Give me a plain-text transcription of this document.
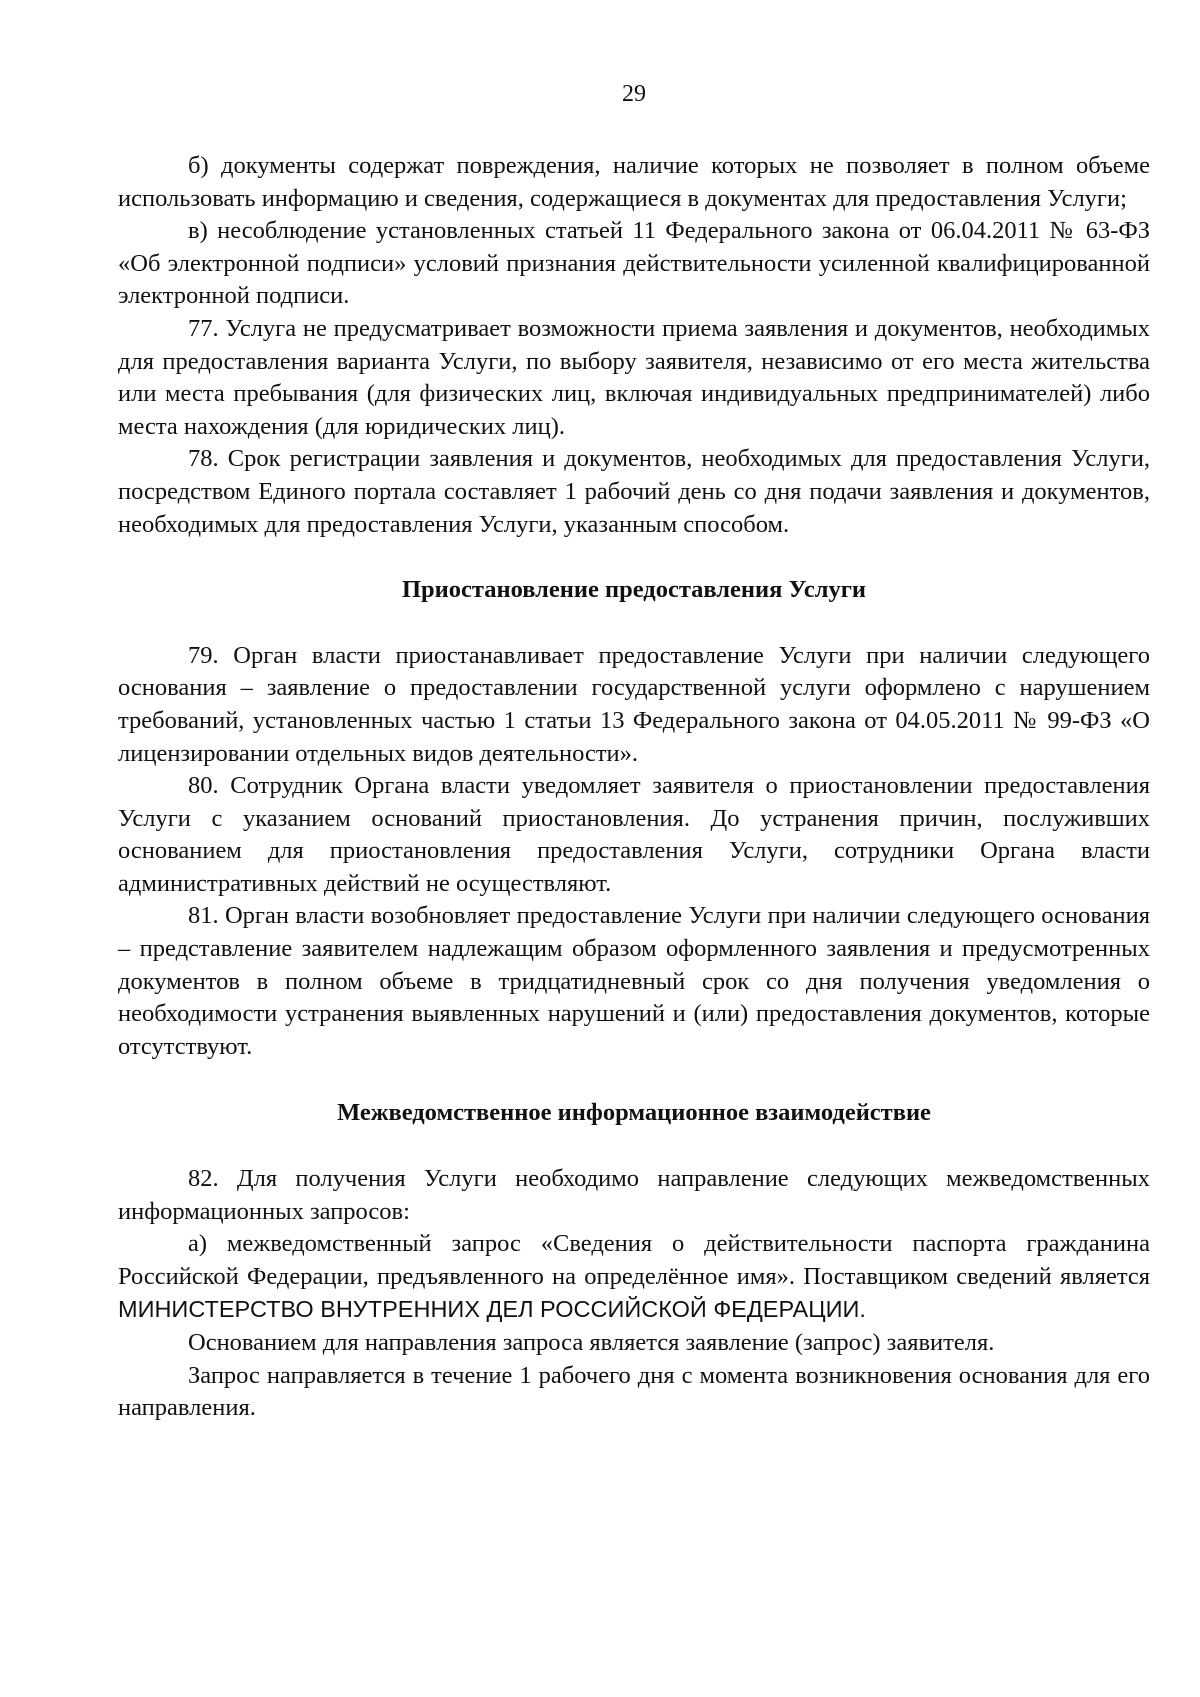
29

б) документы содержат повреждения, наличие которых не позволяет в полном объеме использовать информацию и сведения, содержащиеся в документах для предоставления Услуги;

в) несоблюдение установленных статьей 11 Федерального закона от 06.04.2011 № 63-ФЗ «Об электронной подписи» условий признания действительности усиленной квалифицированной электронной подписи.

77. Услуга не предусматривает возможности приема заявления и документов, необходимых для предоставления варианта Услуги, по выбору заявителя, независимо от его места жительства или места пребывания (для физических лиц, включая индивидуальных предпринимателей) либо места нахождения (для юридических лиц).

78. Срок регистрации заявления и документов, необходимых для предоставления Услуги, посредством Единого портала составляет 1 рабочий день со дня подачи заявления и документов, необходимых для предоставления Услуги, указанным способом.

Приостановление предоставления Услуги

79. Орган власти приостанавливает предоставление Услуги при наличии следующего основания – заявление о предоставлении государственной услуги оформлено с нарушением требований, установленных частью 1 статьи 13 Федерального закона от 04.05.2011 № 99-ФЗ «О лицензировании отдельных видов деятельности».

80. Сотрудник Органа власти уведомляет заявителя о приостановлении предоставления Услуги с указанием оснований приостановления. До устранения причин, послуживших основанием для приостановления предоставления Услуги, сотрудники Органа власти административных действий не осуществляют.

81. Орган власти возобновляет предоставление Услуги при наличии следующего основания – представление заявителем надлежащим образом оформленного заявления и предусмотренных документов в полном объеме в тридцатидневный срок со дня получения уведомления о необходимости устранения выявленных нарушений и (или) предоставления документов, которые отсутствуют.

Межведомственное информационное взаимодействие

82. Для получения Услуги необходимо направление следующих межведомственных информационных запросов:

а) межведомственный запрос «Сведения о действительности паспорта гражданина Российской Федерации, предъявленного на определённое имя». Поставщиком сведений является МИНИСТЕРСТВО ВНУТРЕННИХ ДЕЛ РОССИЙСКОЙ ФЕДЕРАЦИИ.

Основанием для направления запроса является заявление (запрос) заявителя.

Запрос направляется в течение 1 рабочего дня с момента возникновения основания для его направления.
